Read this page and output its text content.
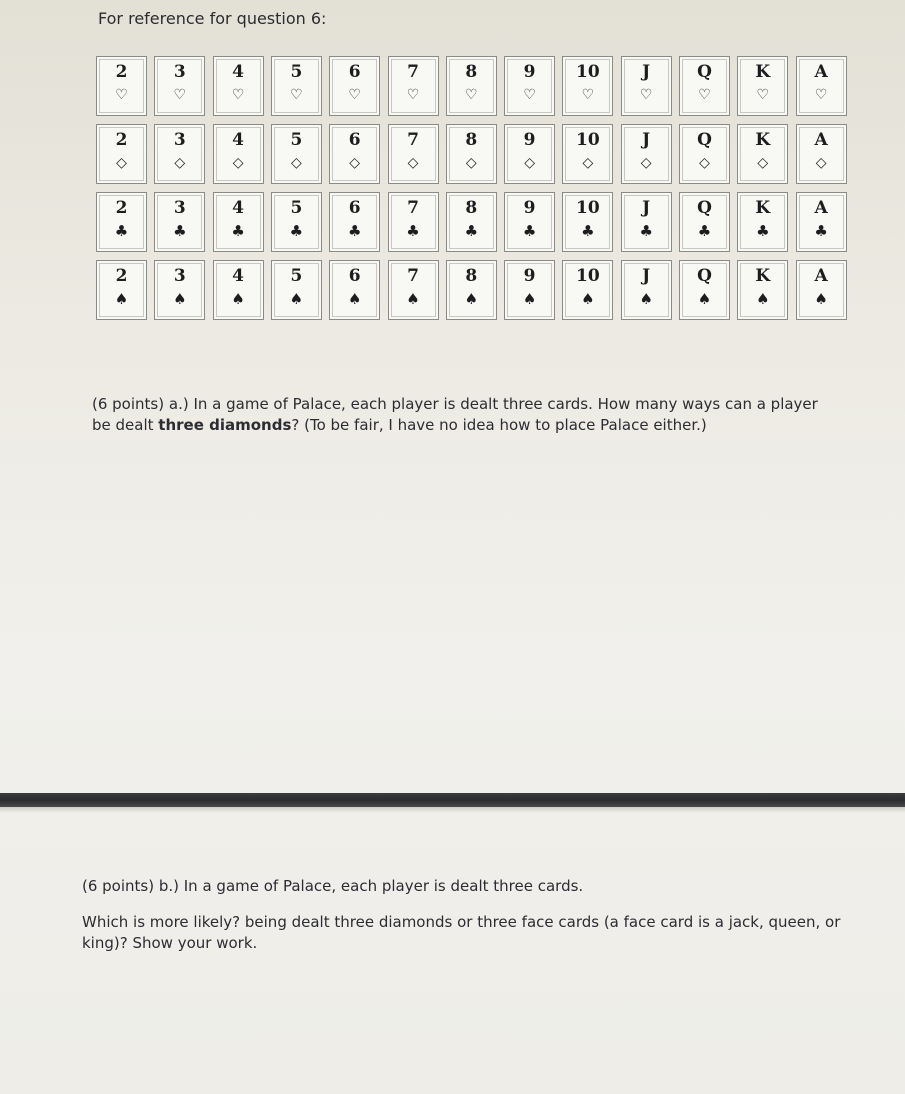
For reference for question 6:
2
♡
3
♡
4
♡
5
♡
6
♡
7
♡
8
♡
9
♡
10
♡
J
♡
Q
♡
K
♡
A
♡
2
◇
3
◇
4
◇
5
◇
6
◇
7
◇
8
◇
9
◇
10
◇
J
◇
Q
◇
K
◇
A
◇
2
♣
3
♣
4
♣
5
♣
6
♣
7
♣
8
♣
9
♣
10
♣
J
♣
Q
♣
K
♣
A
♣
2
♠
3
♠
4
♠
5
♠
6
♠
7
♠
8
♠
9
♠
10
♠
J
♠
Q
♠
K
♠
A
♠
(6 points) a.) In a game of Palace, each player is dealt three cards. How many ways can a player be dealt three diamonds? (To be fair, I have no idea how to place Palace either.)

(6 points) b.) In a game of Palace, each player is dealt three cards.

Which is more likely? being dealt three diamonds or three face cards (a face card is a jack, queen, or king)? Show your work.
